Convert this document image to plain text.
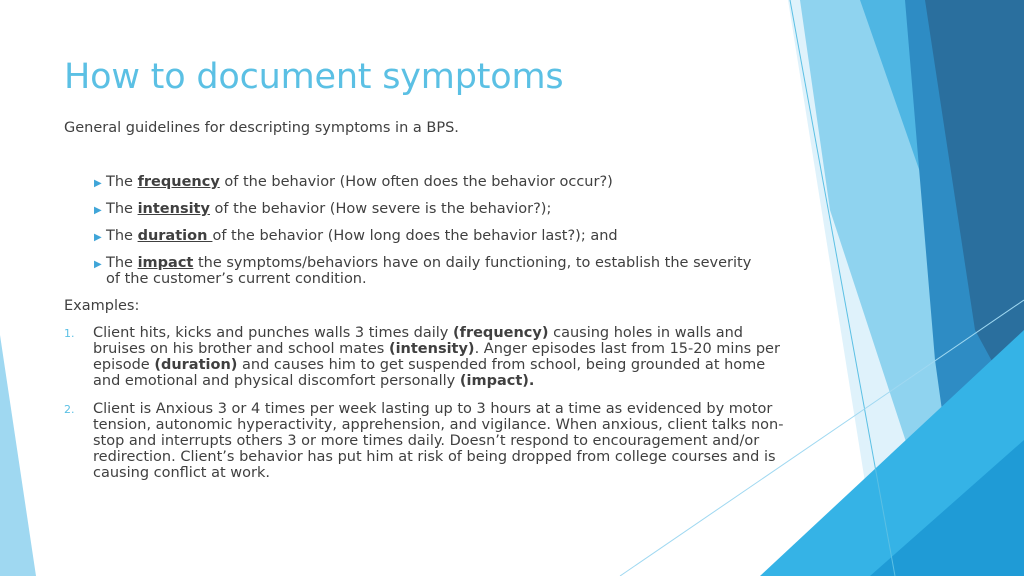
How to document symptoms
General guidelines for descripting symptoms in a BPS.
▶ The frequency of the behavior (How often does the behavior occur?)
▶ The intensity of the behavior (How severe is the behavior?);
▶ The duration of the behavior (How long does the behavior last?); and
▶ The impact the symptoms/behaviors have on daily functioning, to establish the severity of the customer’s current condition.
Examples:
1. Client hits, kicks and punches walls 3 times daily (frequency) causing holes in walls and bruises on his brother and school mates (intensity). Anger episodes last from 15-20 mins per episode (duration) and causes him to get suspended from school, being grounded at home and emotional and physical discomfort personally (impact).
2. Client is Anxious 3 or 4 times per week lasting up to 3 hours at a time as evidenced by motor tension, autonomic hyperactivity, apprehension, and vigilance. When anxious, client talks non-stop and interrupts others 3 or more times daily. Doesn’t respond to encouragement and/or redirection. Client’s behavior has put him at risk of being dropped from college courses and is causing conflict at work.
